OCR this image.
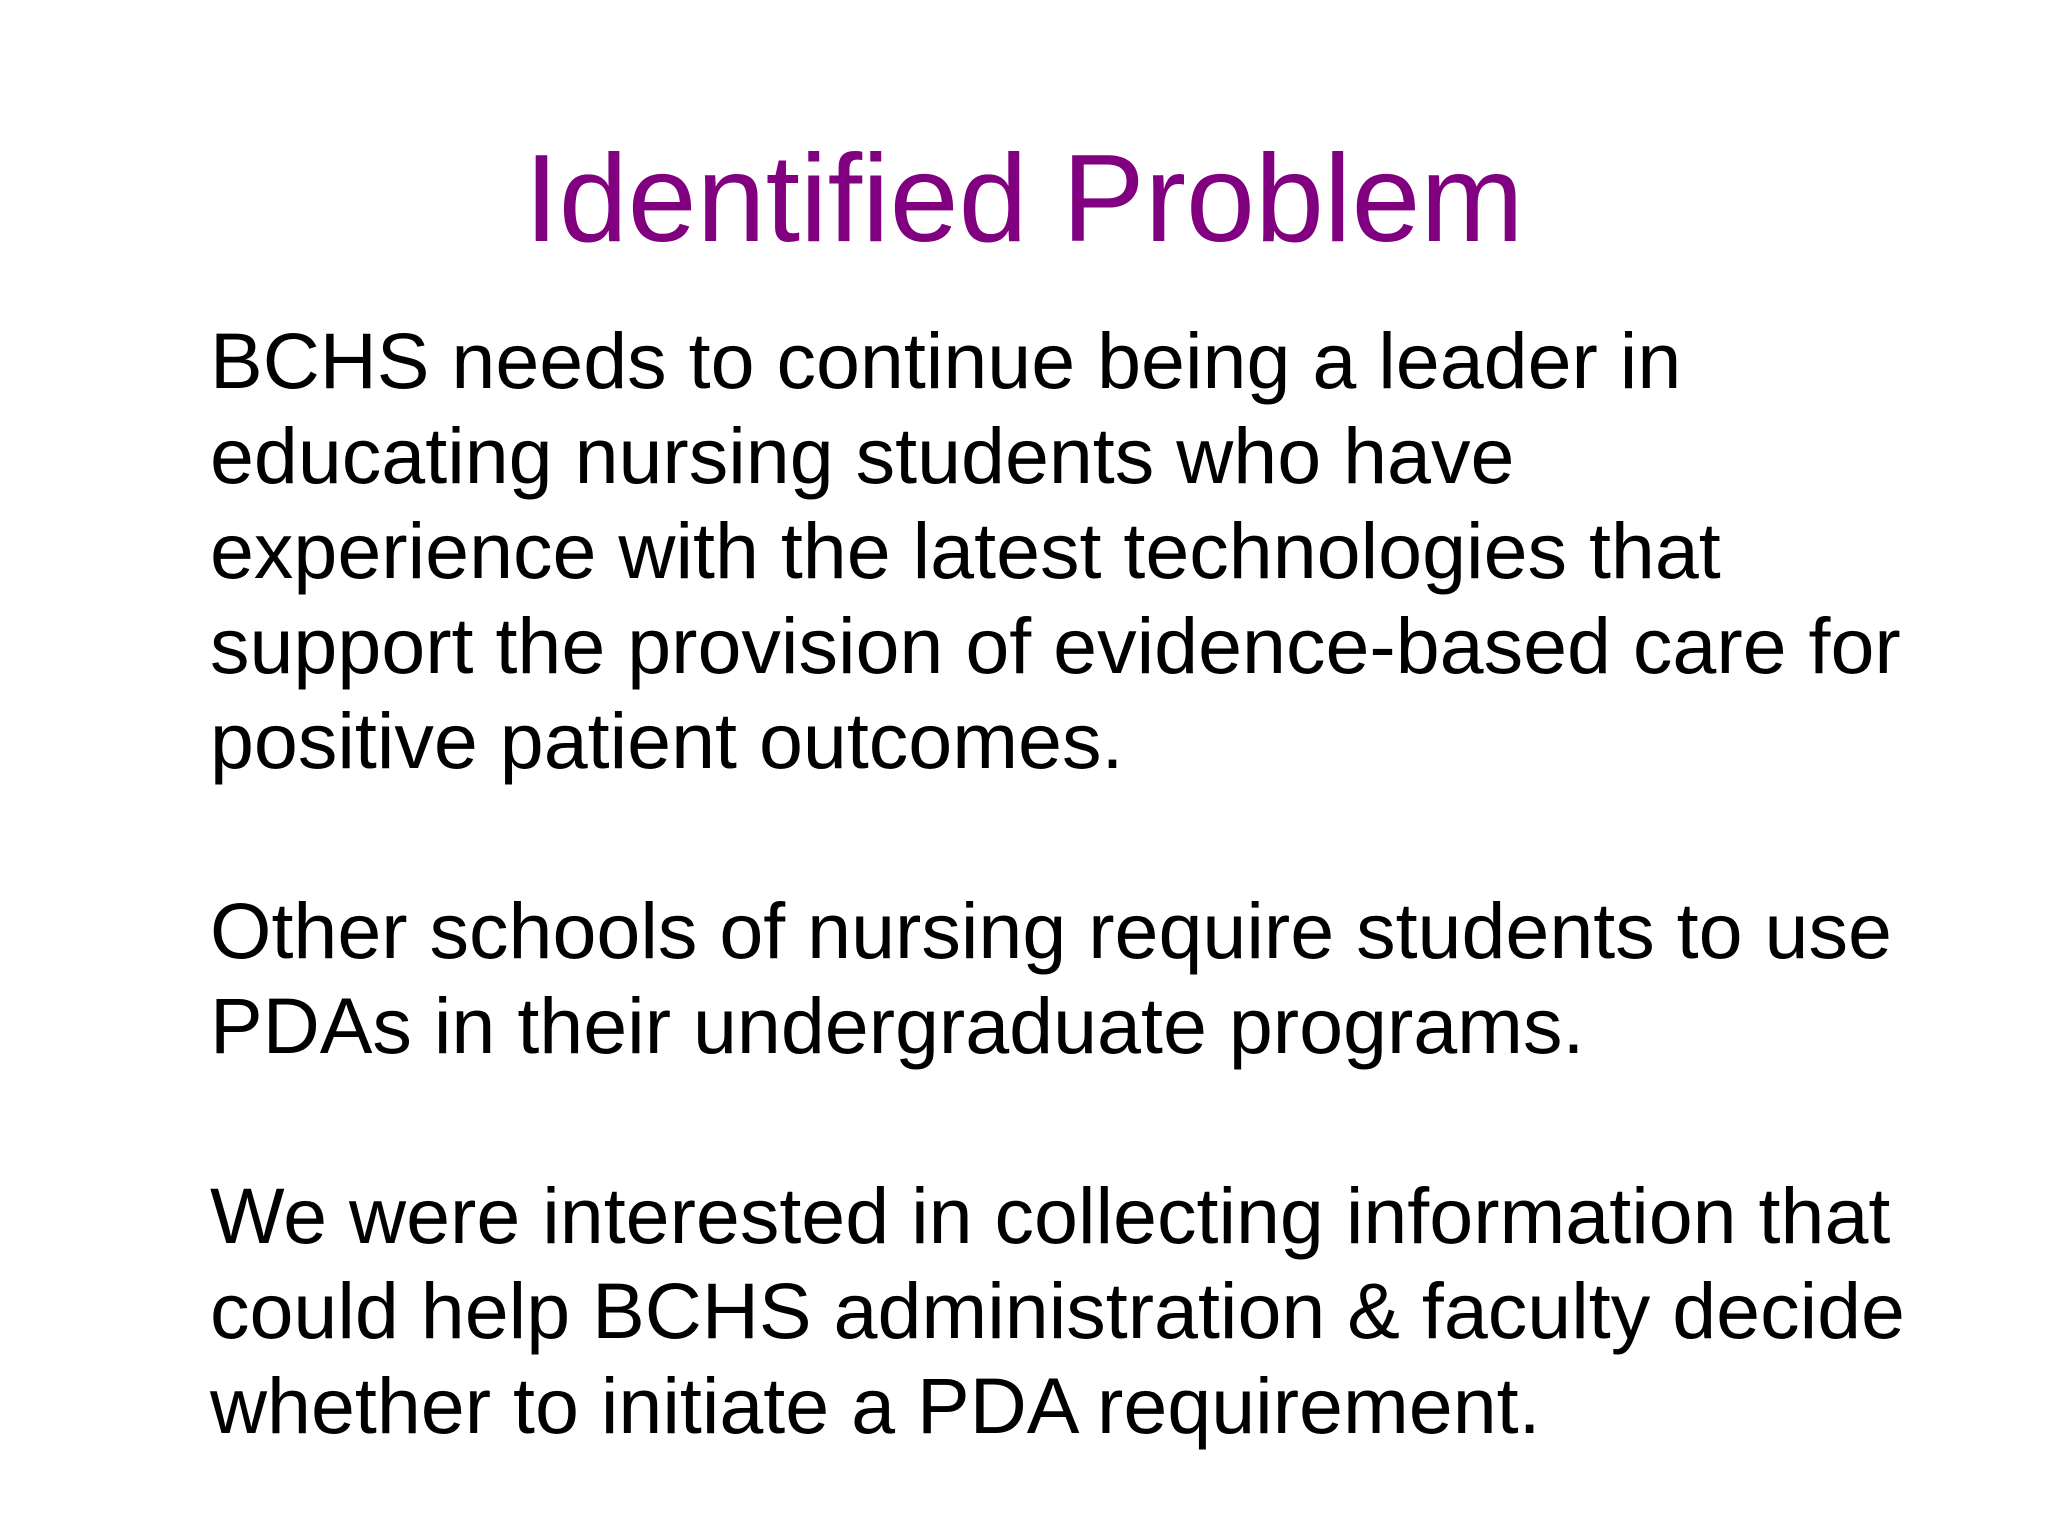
Identified Problem

BCHS needs to continue being a leader in
educating nursing students who have
experience with the latest technologies that
support the provision of evidence-based care for
positive patient outcomes.

Other schools of nursing require students to use
PDAs in their undergraduate programs.

We were interested in collecting information that
could help BCHS administration & faculty decide
whether to initiate a PDA requirement.
